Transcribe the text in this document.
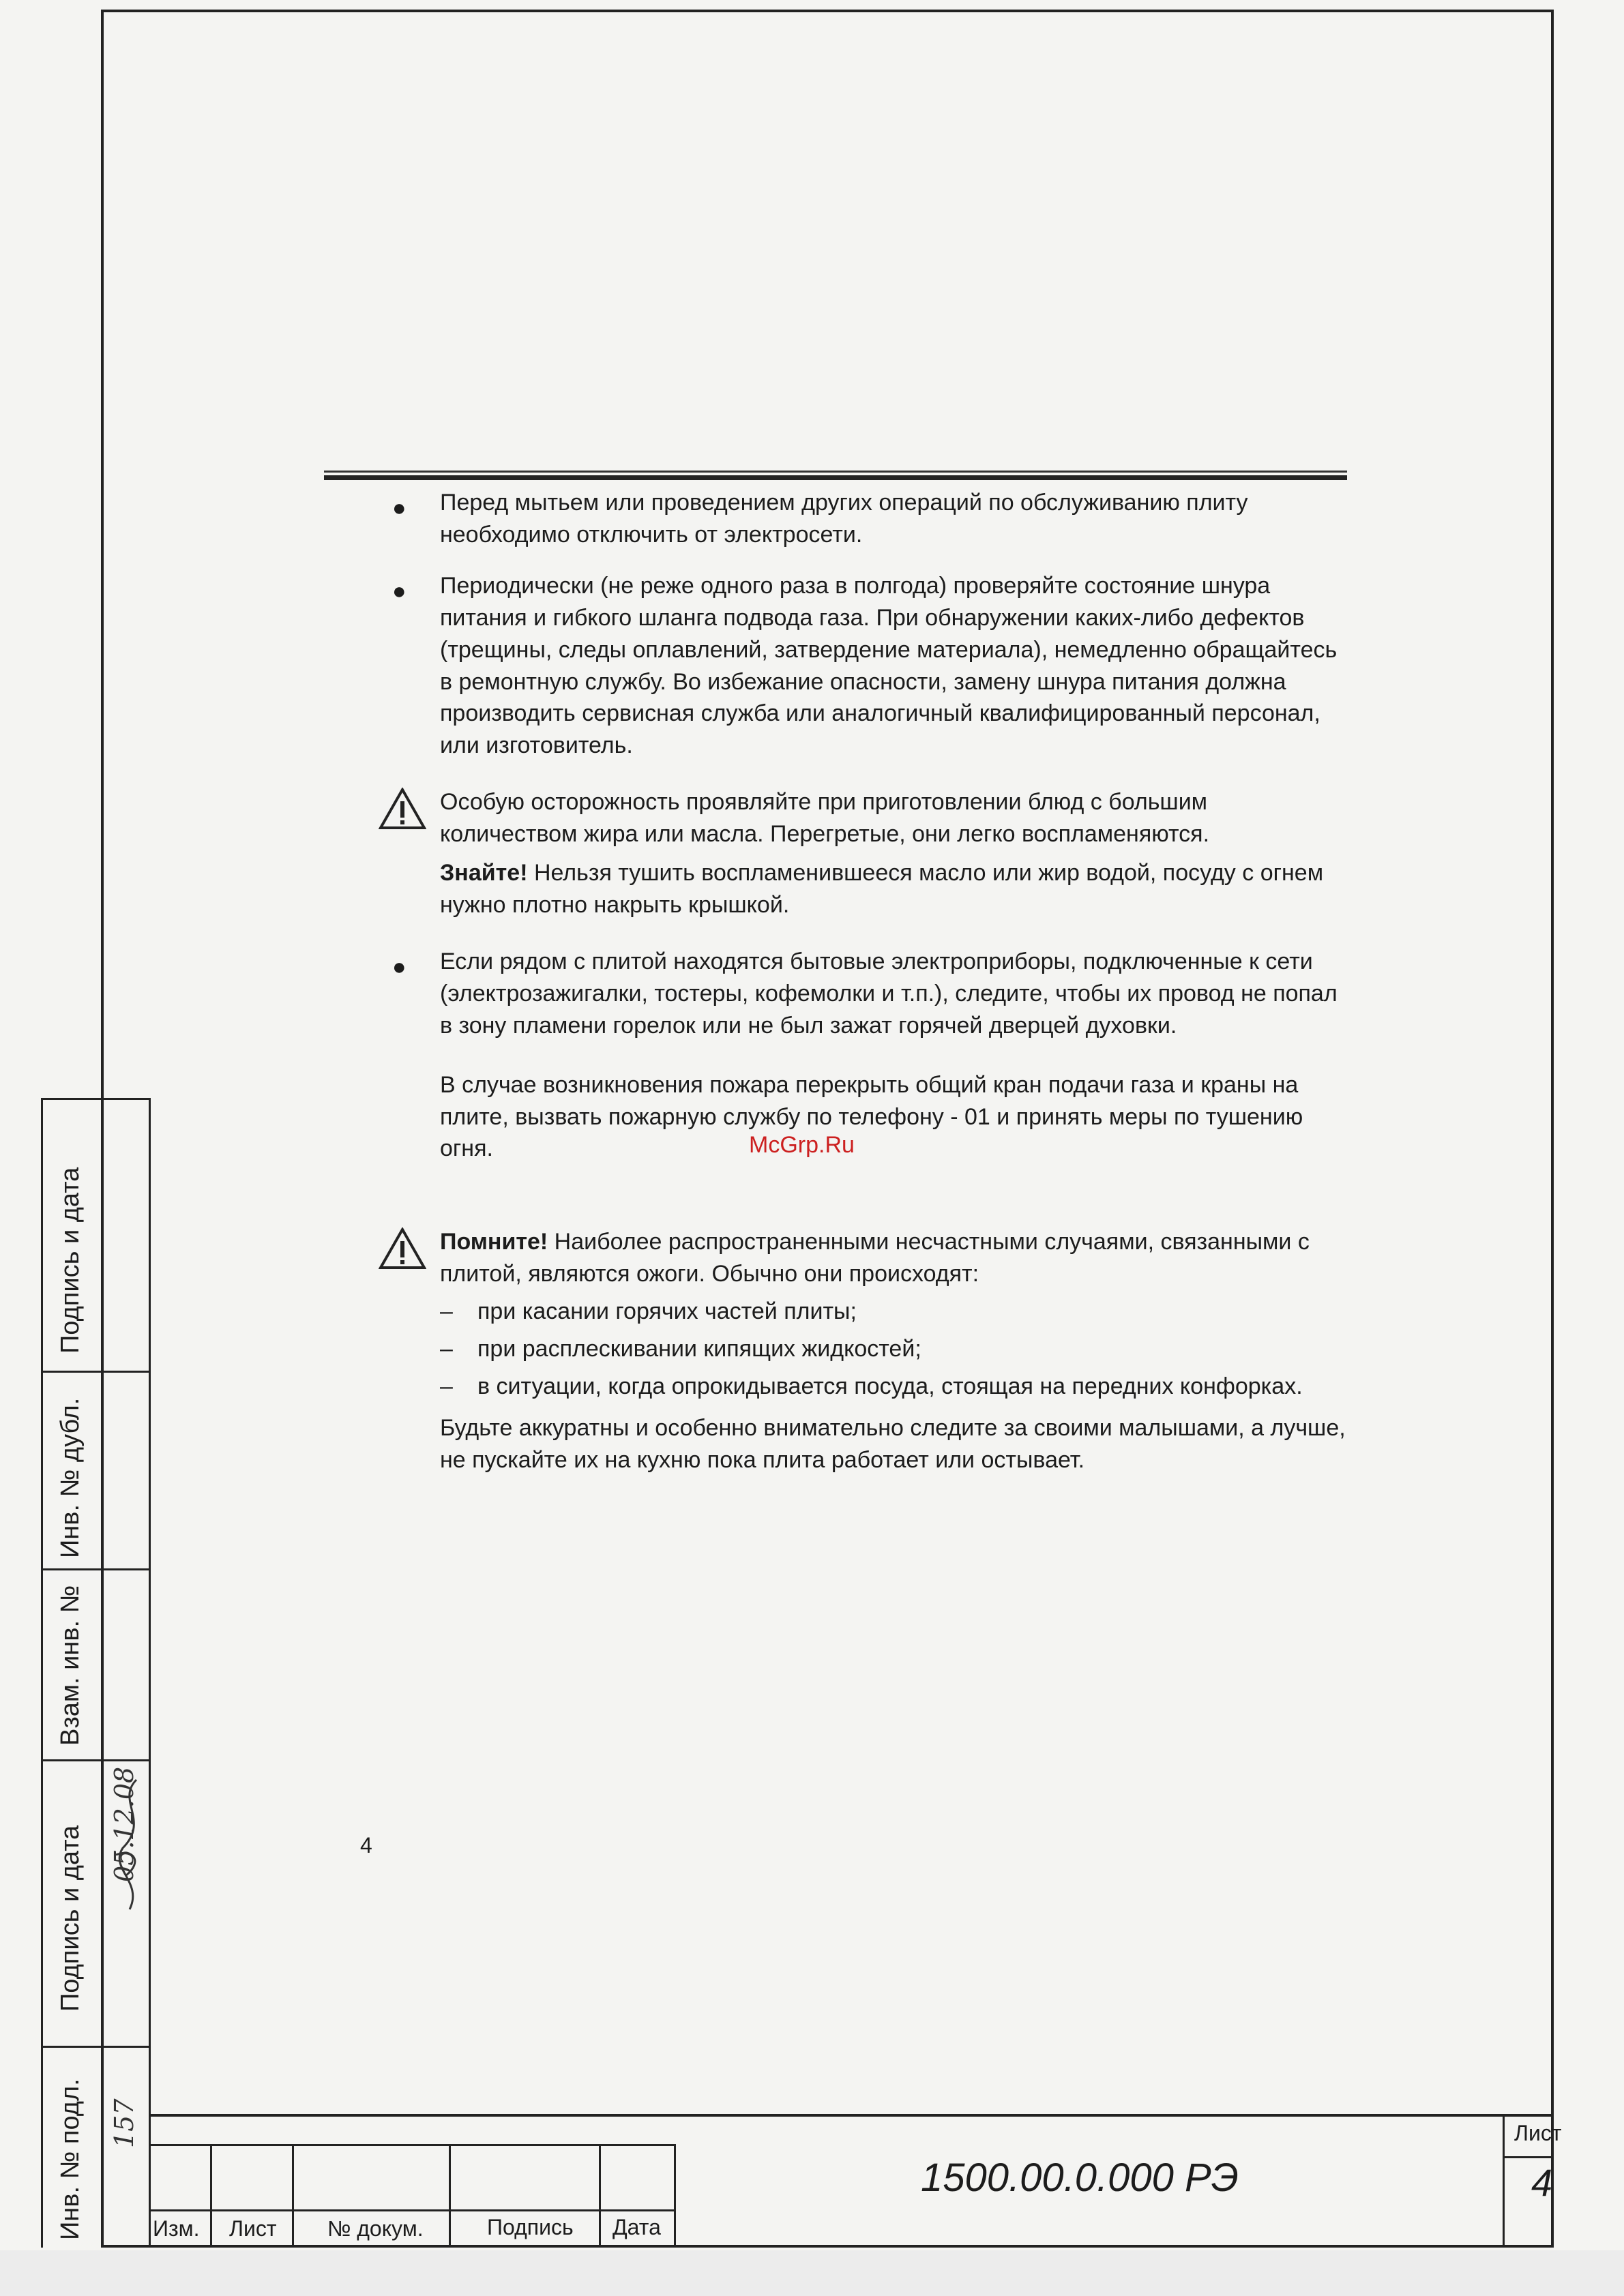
● Перед мытьем или проведением других операций по обслуживанию плиту необходимо отключить от электросети.
● Периодически (не реже одного раза в полгода) проверяйте состояние шнура питания и гибкого шланга подвода газа. При обнаружении каких-либо дефектов (трещины, следы оплавлений, затвердение материала), немедленно обращайтесь в ремонтную службу. Во избежание опасности, замену шнура питания должна производить сервисная служба или аналогичный квалифицированный персонал, или изготовитель.
Особую осторожность проявляйте при приготовлении блюд с большим количеством жира или масла. Перегретые, они легко воспламеняются.
Знайте! Нельзя тушить воспламенившееся масло или жир водой, посуду с огнем нужно плотно накрыть крышкой.
● Если рядом с плитой находятся бытовые электроприборы, подключенные к сети (электрозажигалки, тостеры, кофемолки и т.п.), следите, чтобы их провод не попал в зону пламени горелок или не был зажат горячей дверцей духовки.
В случае возникновения пожара перекрыть общий кран подачи газа и краны на плите, вызвать пожарную службу по телефону - 01 и принять меры по тушению огня.
Помните! Наиболее распространенными несчастными случаями, связанными с плитой, являются ожоги. Обычно они происходят:
– при касании горячих частей плиты;
– при расплескивании кипящих жидкостей;
– в ситуации, когда опрокидывается посуда, стоящая на передних конфорках.
Будьте аккуратны и особенно внимательно следите за своими малышами, а лучше, не пускайте их на кухню пока плита работает или остывает.
McGrp.Ru
4
Подпись и дата
Инв. № дубл.
Взам. инв. №
Подпись и дата
Инв. № подл.
05.12.08
157
Изм. Лист № докум.	Подпись Дата
Лист
1500.00.0.000 РЭ	4
